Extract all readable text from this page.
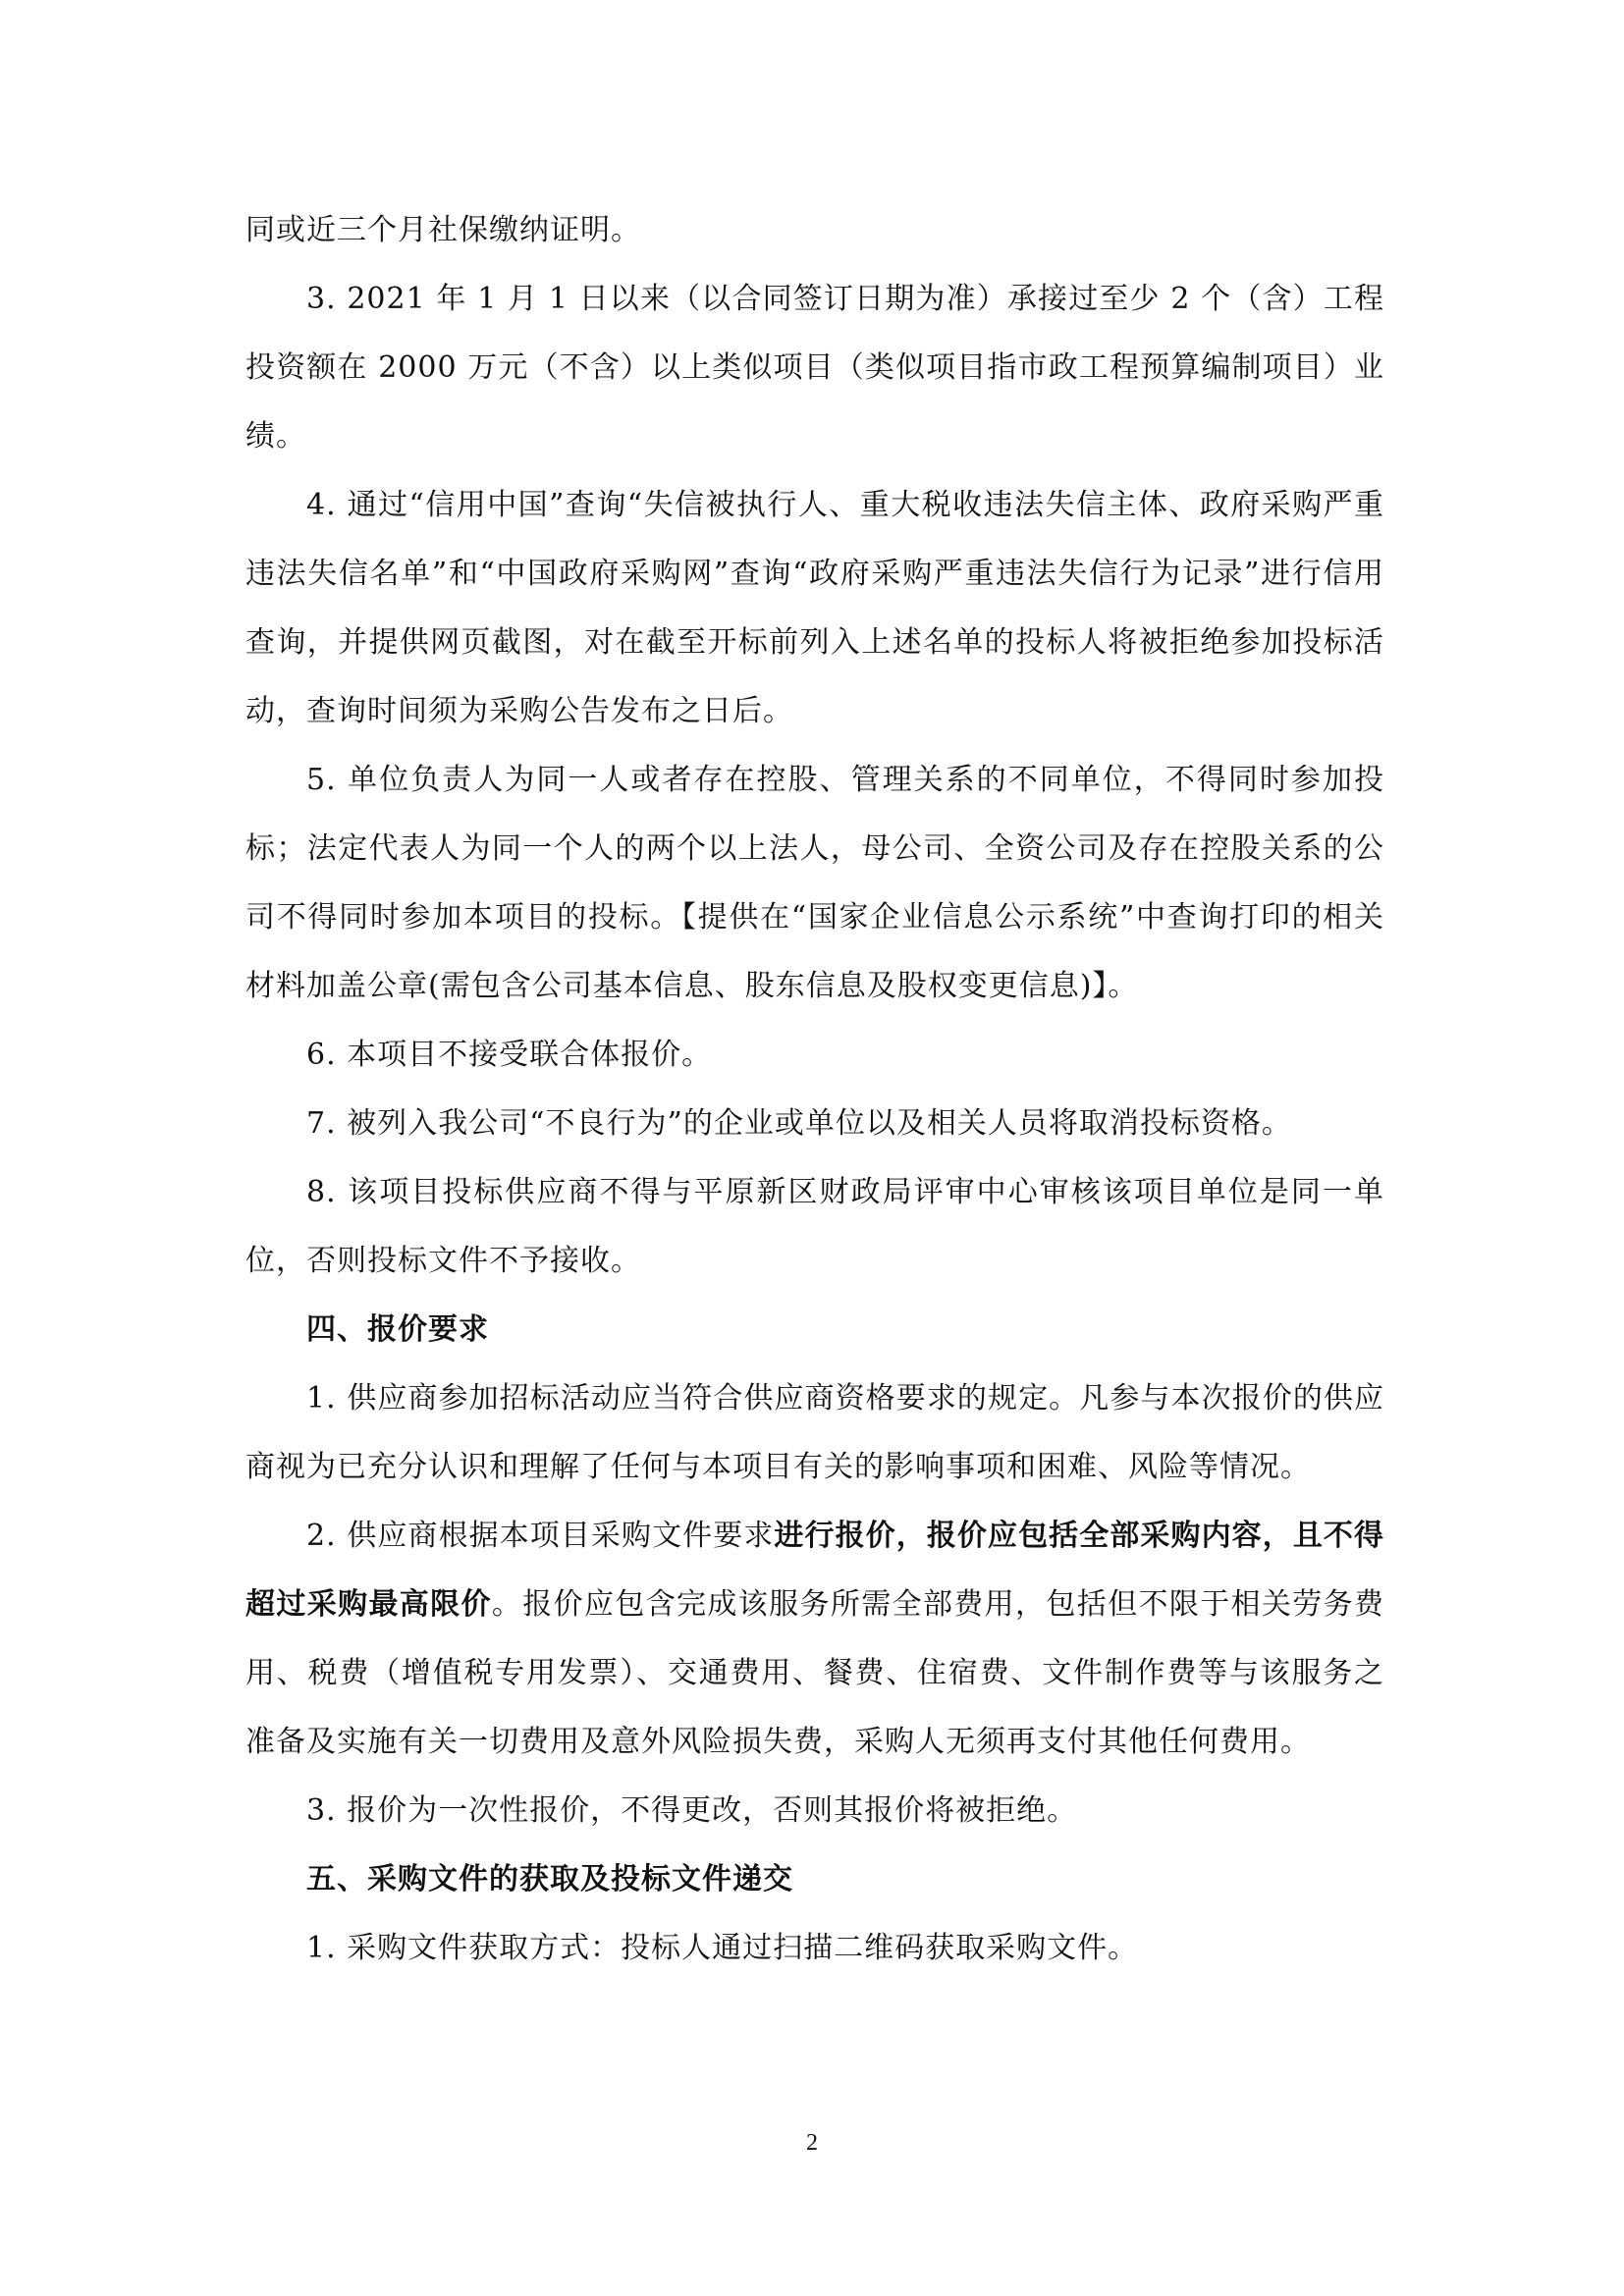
同或近三个月社保缴纳证明。

3. 2021 年 1 月 1 日以来（以合同签订日期为准）承接过至少 2 个（含）工程投资额在 2000 万元（不含）以上类似项目（类似项目指市政工程预算编制项目）业绩。

4. 通过“信用中国”查询“失信被执行人、重大税收违法失信主体、政府采购严重违法失信名单”和“中国政府采购网”查询“政府采购严重违法失信行为记录”进行信用查询，并提供网页截图，对在截至开标前列入上述名单的投标人将被拒绝参加投标活动，查询时间须为采购公告发布之日后。

5. 单位负责人为同一人或者存在控股、管理关系的不同单位，不得同时参加投标；法定代表人为同一个人的两个以上法人，母公司、全资公司及存在控股关系的公司不得同时参加本项目的投标。【提供在“国家企业信息公示系统”中查询打印的相关材料加盖公章(需包含公司基本信息、股东信息及股权变更信息)】。

6. 本项目不接受联合体报价。

7. 被列入我公司“不良行为”的企业或单位以及相关人员将取消投标资格。

8. 该项目投标供应商不得与平原新区财政局评审中心审核该项目单位是同一单位，否则投标文件不予接收。

四、报价要求

1. 供应商参加招标活动应当符合供应商资格要求的规定。凡参与本次报价的供应商视为已充分认识和理解了任何与本项目有关的影响事项和困难、风险等情况。

2. 供应商根据本项目采购文件要求进行报价，报价应包括全部采购内容，且不得超过采购最高限价。报价应包含完成该服务所需全部费用，包括但不限于相关劳务费用、税费（增值税专用发票）、交通费用、餐费、住宿费、文件制作费等与该服务之准备及实施有关一切费用及意外风险损失费，采购人无须再支付其他任何费用。

3. 报价为一次性报价，不得更改，否则其报价将被拒绝。

五、采购文件的获取及投标文件递交

1. 采购文件获取方式：投标人通过扫描二维码获取采购文件。

2
